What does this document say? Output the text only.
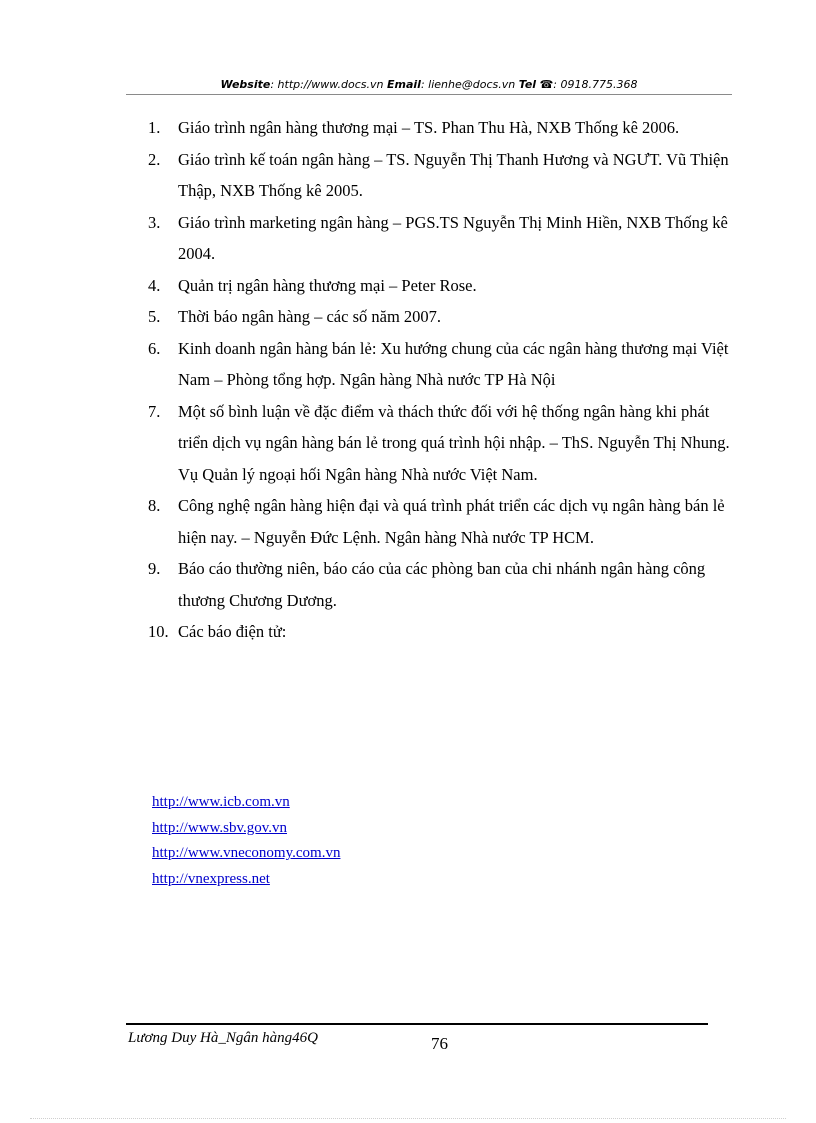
Website: http://www.docs.vn Email: lienhe@docs.vn Tel ☎: 0918.775.368
1.	Giáo trình ngân hàng thương mại – TS. Phan Thu Hà, NXB Thống kê 2006.
2.	Giáo trình kế toán ngân hàng – TS. Nguyễn Thị Thanh Hương và NGƯT. Vũ Thiện Thập, NXB Thống kê 2005.
3.	Giáo trình marketing ngân hàng – PGS.TS Nguyễn Thị Minh Hiền, NXB Thống kê 2004.
4.	Quản trị ngân hàng thương mại – Peter Rose.
5.	Thời báo ngân hàng – các số năm 2007.
6.	Kinh doanh ngân hàng bán lẻ: Xu hướng chung của các ngân hàng thương mại Việt Nam – Phòng tổng hợp. Ngân hàng Nhà nước TP Hà Nội
7.	Một số bình luận về đặc điểm và thách thức đối với hệ thống ngân hàng khi phát triển dịch vụ ngân hàng bán lẻ trong quá trình hội nhập. – ThS. Nguyễn Thị Nhung. Vụ Quản lý ngoại hối Ngân hàng Nhà nước Việt Nam.
8.	Công nghệ ngân hàng hiện đại và quá trình phát triển các dịch vụ ngân hàng bán lẻ hiện nay. – Nguyễn Đức Lệnh. Ngân hàng Nhà nước TP HCM.
9.	Báo cáo thường niên, báo cáo của các phòng ban của chi nhánh ngân hàng công thương Chương Dương.
10. Các báo điện tử:
http://www.icb.com.vn
http://www.sbv.gov.vn
http://www.vneconomy.com.vn
http://vnexpress.net
Lương Duy Hà_Ngân hàng46Q	76
